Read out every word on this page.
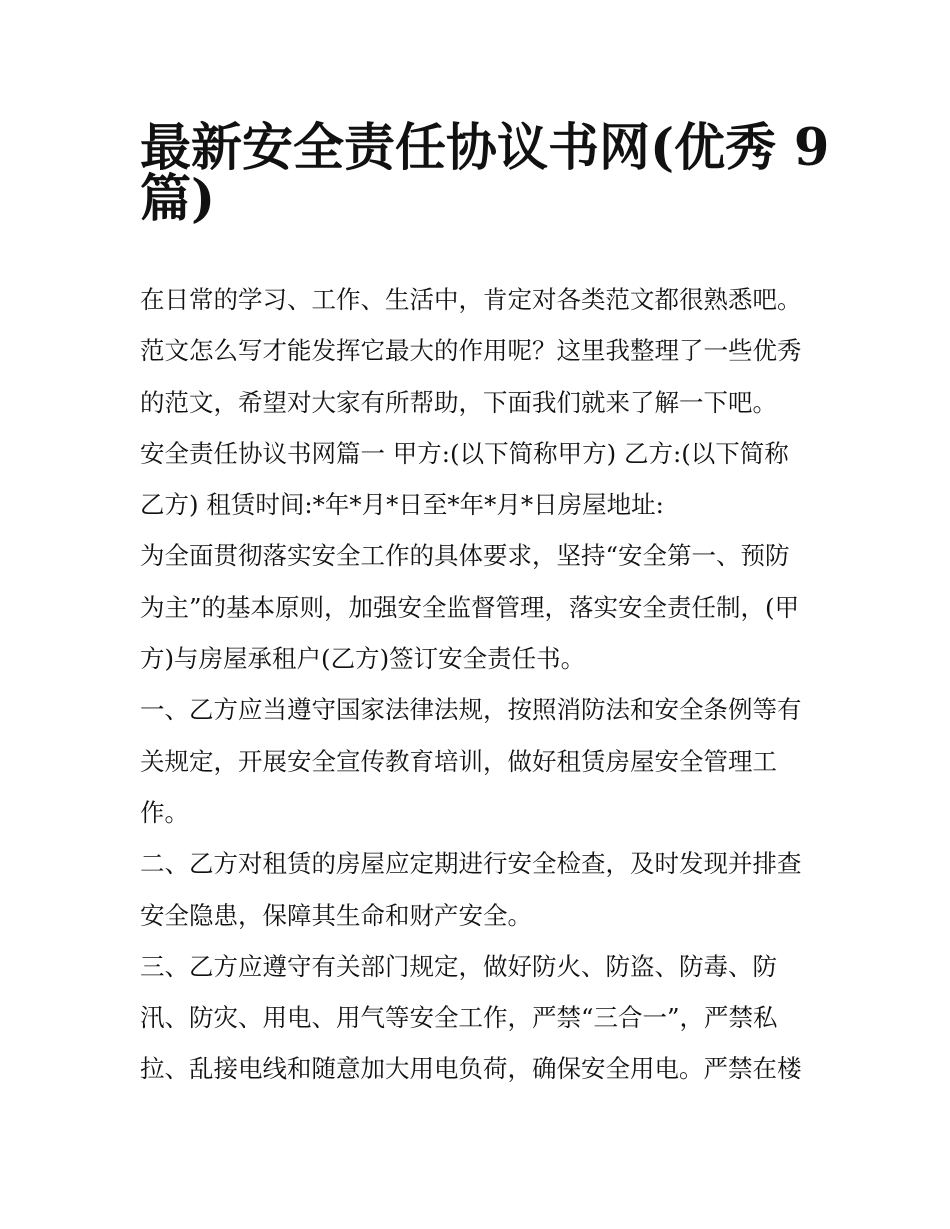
最新安全责任协议书网(优秀 9
篇)
在日常的学习、工作、生活中，肯定对各类范文都很熟悉吧。
范文怎么写才能发挥它最大的作用呢？这里我整理了一些优秀
的范文，希望对大家有所帮助，下面我们就来了解一下吧。
安全责任协议书网篇一 甲方:(以下简称甲方) 乙方:(以下简称
乙方) 租赁时间:*年*月*日至*年*月*日房屋地址:
为全面贯彻落实安全工作的具体要求，坚持“安全第一、预防
为主”的基本原则，加强安全监督管理，落实安全责任制，(甲
方)与房屋承租户(乙方)签订安全责任书。
一、乙方应当遵守国家法律法规，按照消防法和安全条例等有
关规定，开展安全宣传教育培训，做好租赁房屋安全管理工
作。
二、乙方对租赁的房屋应定期进行安全检查，及时发现并排查
安全隐患，保障其生命和财产安全。
三、乙方应遵守有关部门规定，做好防火、防盗、防毒、防
汛、防灾、用电、用气等安全工作，严禁“三合一”，严禁私
拉、乱接电线和随意加大用电负荷，确保安全用电。严禁在楼
